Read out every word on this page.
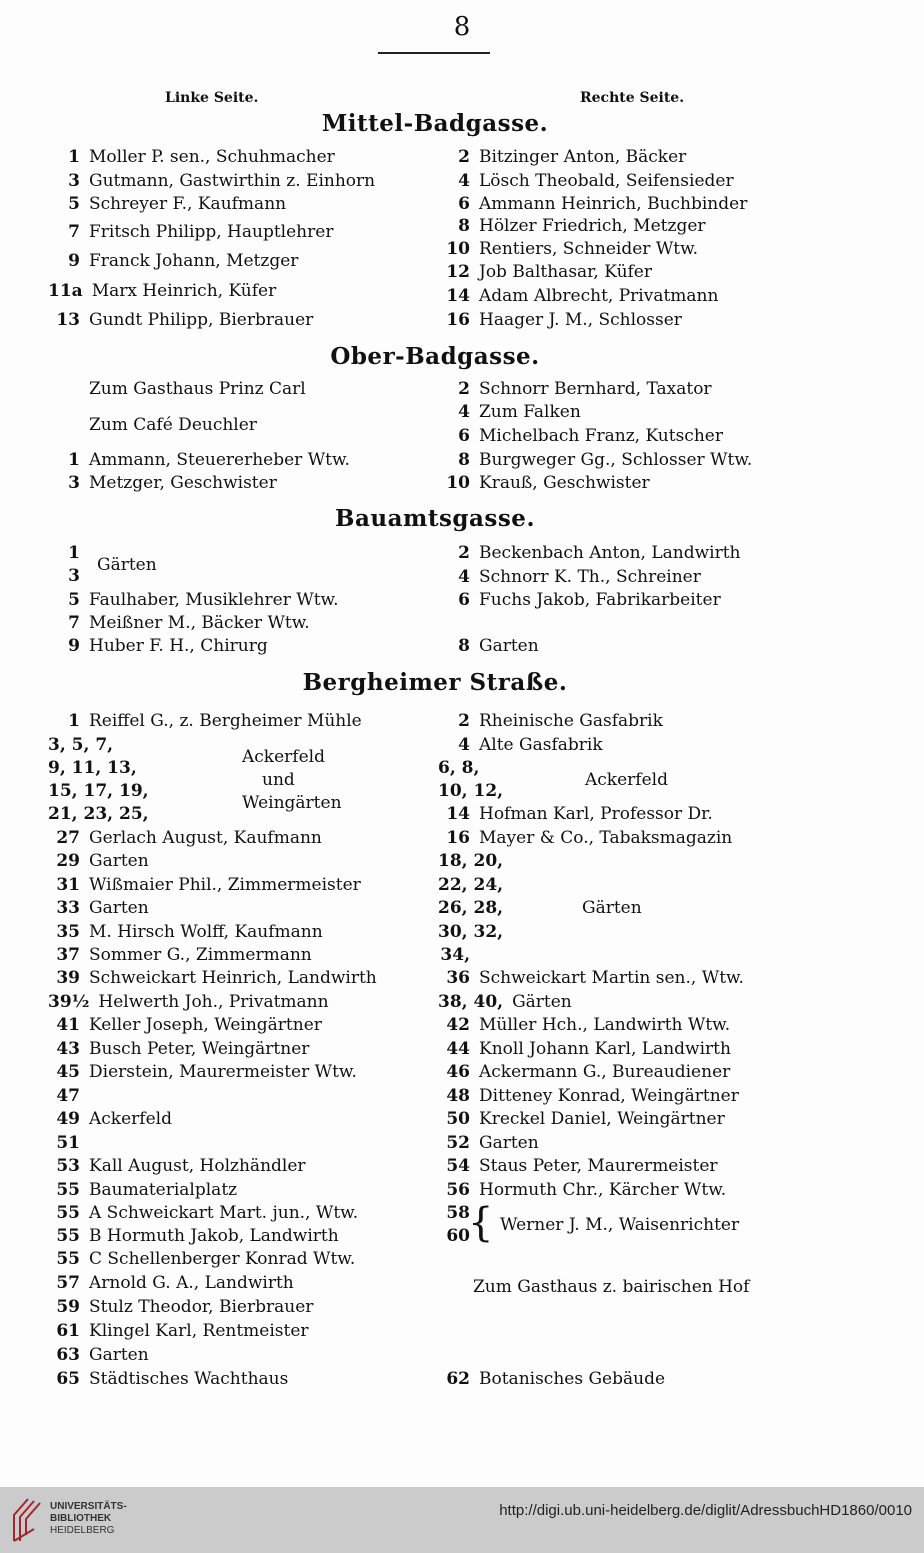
8
Linke Seite.	Rechte Seite.
Mittel-Badgasse.
1 Moller P. sen., Schuhmacher
3 Gutmann, Gastwirthin z. Einhorn
5 Schreyer F., Kaufmann
7 Fritsch Philipp, Hauptlehrer
9 Franck Johann, Metzger
11a Marx Heinrich, Küfer
13 Gundt Philipp, Bierbrauer
2 Bitzinger Anton, Bäcker
4 Lösch Theobald, Seifensieder
6 Ammann Heinrich, Buchbinder
8 Hölzer Friedrich, Metzger
10 Rentiers, Schneider Wtw.
12 Job Balthasar, Küfer
14 Adam Albrecht, Privatmann
16 Haager J. M., Schlosser
Ober-Badgasse.
Zum Gasthaus Prinz Carl
Zum Café Deuchler
1 Ammann, Steuererheber Wtw.
3 Metzger, Geschwister
2 Schnorr Bernhard, Taxator
4 Zum Falken
6 Michelbach Franz, Kutscher
8 Burgweger Gg., Schlosser Wtw.
10 Krauß, Geschwister
Bauamtsgasse.
1
3
5 Faulhaber, Musiklehrer Wtw.
7 Meißner M., Bäcker Wtw.
9 Huber F. H., Chirurg
2 Beckenbach Anton, Landwirth
4 Schnorr K. Th., Schreiner
6 Fuchs Jakob, Fabrikarbeiter
8 Garten
Gärten
Bergheimer Straße.
1 Reiffel G., z. Bergheimer Mühle
3, 5, 7,
9, 11, 13,
15, 17, 19,
21, 23, 25,
27 Gerlach August, Kaufmann
29 Garten
31 Wißmaier Phil., Zimmermeister
33 Garten
35 M. Hirsch Wolff, Kaufmann
37 Sommer G., Zimmermann
39 Schweickart Heinrich, Landwirth
39½ Helwerth Joh., Privatmann
41 Keller Joseph, Weingärtner
43 Busch Peter, Weingärtner
45 Dierstein, Maurermeister Wtw.
47
49 Ackerfeld
51
53 Kall August, Holzhändler
55 Baumaterialplatz
55 A Schweickart Mart. jun., Wtw.
55 B Hormuth Jakob, Landwirth
55 C Schellenberger Konrad Wtw.
57 Arnold G. A., Landwirth
59 Stulz Theodor, Bierbrauer
61 Klingel Karl, Rentmeister
63 Garten
65 Städtisches Wachthaus
2 Rheinische Gasfabrik
4 Alte Gasfabrik
6, 8,
10, 12,
14 Hofman Karl, Professor Dr.
16 Mayer & Co., Tabaksmagazin
18, 20,
22, 24,
26, 28,
30, 32,
34,
36 Schweickart Martin sen., Wtw.
38, 40, Gärten
42 Müller Hch., Landwirth Wtw.
44 Knoll Johann Karl, Landwirth
46 Ackermann G., Bureaudiener
48 Ditteney Konrad, Weingärtner
50 Kreckel Daniel, Weingärtner
52 Garten
54 Staus Peter, Maurermeister
56 Hormuth Chr., Kärcher Wtw.
58
60
62 Botanisches Gebäude
Ackerfeld
und
Weingärten
Ackerfeld
Gärten
Werner J. M., Waisenrichter
Zum Gasthaus z. bairischen Hof
{
UNIVERSITÄTS-
BIBLIOTHEK
HEIDELBERG
http://digi.ub.uni-heidelberg.de/diglit/AdressbuchHD1860/0010
